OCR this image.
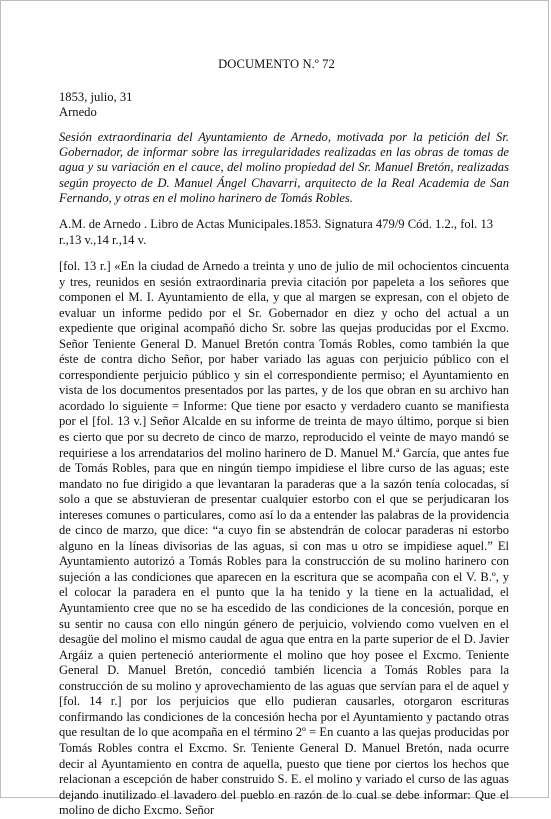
DOCUMENTO N.º 72
1853, julio, 31
Arnedo
Sesión extraordinaria del Ayuntamiento de Arnedo, motivada por la petición del Sr. Gobernador, de informar sobre las irregularidades realizadas en las obras de tomas de agua y su variación en el cauce, del molino propiedad del Sr. Manuel Bretón, realizadas según proyecto de D. Manuel Ángel Chavarri, arquitecto de la Real Academia de San Fernando, y otras en el molino harinero de Tomás Robles.
A.M. de Arnedo . Libro de Actas Municipales.1853. Signatura 479/9 Cód. 1.2., fol. 13 r.,13 v.,14 r.,14 v.

[fol. 13 r.] «En la ciudad de Arnedo a treinta y uno de julio de mil ochocientos cincuenta y tres, reunidos en sesión extraordinaria previa citación por papeleta a los señores que componen el M. I. Ayuntamiento de ella, y que al margen se expresan, con el objeto de evaluar un informe pedido por el Sr. Gobernador en diez y ocho del actual a un expediente que original acompañó dicho Sr. sobre las quejas producidas por el Excmo. Señor Teniente General D. Manuel Bretón contra Tomás Robles, como también la que éste de contra dicho Señor, por haber variado las aguas con perjuicio público con el correspondiente perjuicio público y sin el correspondiente permiso; el Ayuntamiento en vista de los documentos presentados por las partes, y de los que obran en su archivo han acordado lo siguiente = Informe: Que tiene por esacto y verdadero cuanto se manifiesta por el [fol. 13 v.] Señor Alcalde en su informe de treinta de mayo último, porque si bien es cierto que por su decreto de cinco de marzo, reproducido el veinte de mayo mandó se requiriese a los arrendatarios del molino harinero de D. Manuel M.ª García, que antes fue de Tomás Robles, para que en ningún tiempo impidiese el libre curso de las aguas; este mandato no fue dirigido a que levantaran la paraderas que a la sazón tenía colocadas, sí solo a que se abstuvieran de presentar cualquier estorbo con el que se perjudicaran los intereses comunes o particulares, como así lo da a entender las palabras de la providencia de cinco de marzo, que dice: “a cuyo fin se abstendrán de colocar paraderas ni estorbo alguno en la líneas divisorias de las aguas, si con mas u otro se impidiese aquel.” El Ayuntamiento autorizó a Tomás Robles para la construcción de su molino harinero con sujeción a las condiciones que aparecen en la escritura que se acompaña con el V. B.º, y el colocar la paradera en el punto que la ha tenido y la tiene en la actualidad, el Ayuntamiento cree que no se ha escedido de las condiciones de la concesión, porque en su sentir no causa con ello ningún género de perjuicio, volviendo como vuelven en el desagüe del molino el mismo caudal de agua que entra en la parte superior de el D. Javier Argáiz a quien perteneció anteriormente el molino que hoy posee el Excmo. Teniente General D. Manuel Bretón, concedió también licencia a Tomás Robles para la construcción de su molino y aprovechamiento de las aguas que servían para el de aquel y [fol. 14 r.] por los perjuicios que ello pudieran causarles, otorgaron escrituras confirmando las condiciones de la concesión hecha por el Ayuntamiento y pactando otras que resultan de lo que acompaña en el término 2º = En cuanto a las quejas producidas por Tomás Robles contra el Excmo. Sr. Teniente General D. Manuel Bretón, nada ocurre decir al Ayuntamiento en contra de aquella, puesto que tiene por ciertos los hechos que relacionan a escepción de haber construido S. E. el molino y variado el curso de las aguas dejando inutilizado el lavadero del pueblo en razón de lo cual se debe informar: Que el molino de dicho Excmo. Señor
